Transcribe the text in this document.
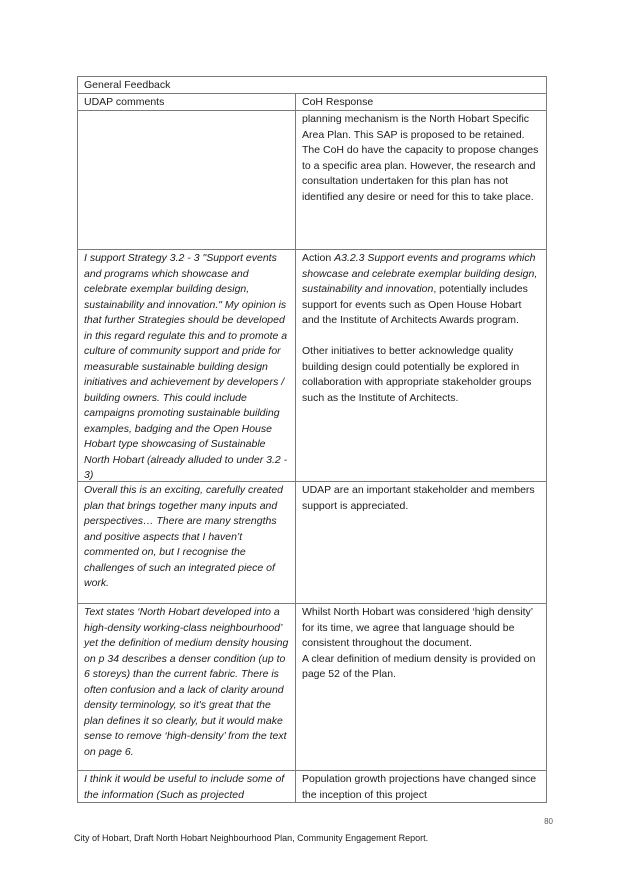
General Feedback
UDAP comments	CoH Response

planning mechanism is the North Hobart Specific Area Plan. This SAP is proposed to be retained.

The CoH do have the capacity to propose changes to a specific area plan. However, the research and consultation undertaken for this plan has not identified any desire or need for this to take place.

I support Strategy 3.2 - 3 "Support events and programs which showcase and celebrate exemplar building design, sustainability and innovation." My opinion is that further Strategies should be developed in this regard regulate this and to promote a culture of community support and pride for measurable sustainable building design initiatives and achievement by developers / building owners. This could include campaigns promoting sustainable building examples, badging and the Open House Hobart type showcasing of Sustainable North Hobart (already alluded to under 3.2 - 3)

Action A3.2.3 Support events and programs which showcase and celebrate exemplar building design, sustainability and innovation, potentially includes support for events such as Open House Hobart and the Institute of Architects Awards program.

Other initiatives to better acknowledge quality building design could potentially be explored in collaboration with appropriate stakeholder groups such as the Institute of Architects.

Overall this is an exciting, carefully created plan that brings together many inputs and perspectives… There are many strengths and positive aspects that I haven’t commented on, but I recognise the challenges of such an integrated piece of work.

UDAP are an important stakeholder and members support is appreciated.

Text states ‘North Hobart developed into a high-density working-class neighbourhood’ yet the definition of medium density housing on p 34 describes a denser condition (up to 6 storeys) than the current fabric. There is often confusion and a lack of clarity around density terminology, so it's great that the plan defines it so clearly, but it would make sense to remove ‘high-density’ from the text on page 6.

Whilst North Hobart was considered ‘high density’ for its time, we agree that language should be consistent throughout the document.

A clear definition of medium density is provided on page 52 of the Plan.

I think it would be useful to include some of the information (Such as projected

Population growth projections have changed since the inception of this project

80
City of Hobart, Draft North Hobart Neighbourhood Plan, Community Engagement Report.
